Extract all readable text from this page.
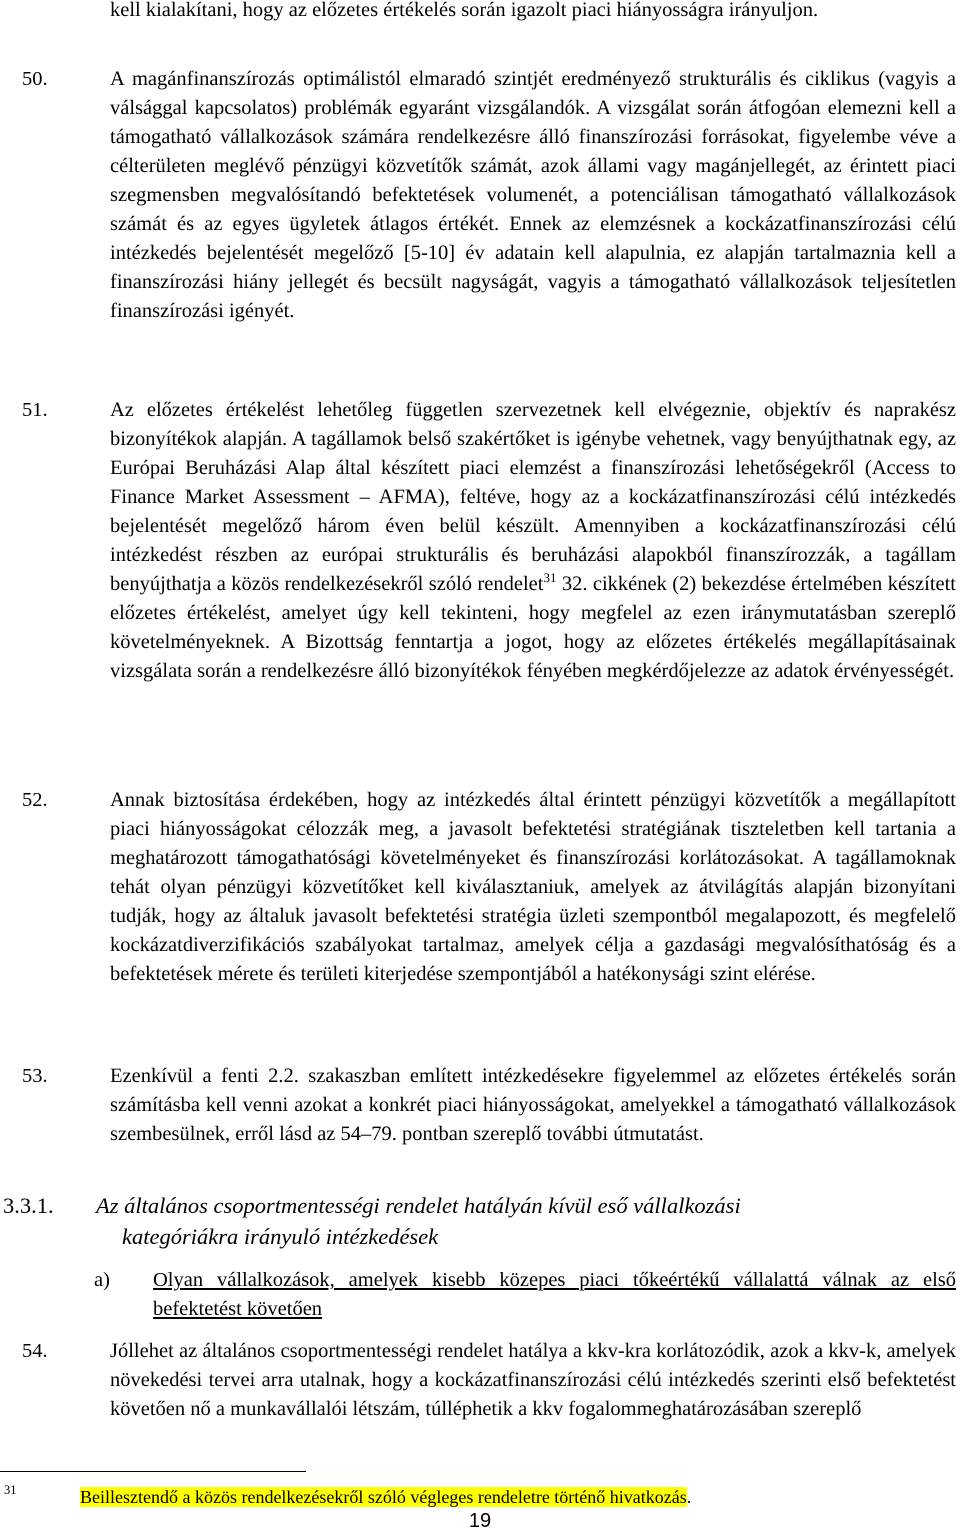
kell kialakítani, hogy az előzetes értékelés során igazolt piaci hiányosságra irányuljon.
50.	A magánfinanszírozás optimálistól elmaradó szintjét eredményező strukturális és ciklikus (vagyis a válsággal kapcsolatos) problémák egyaránt vizsgálandók. A vizsgálat során átfogóan elemezni kell a támogatható vállalkozások számára rendelkezésre álló finanszírozási forrásokat, figyelembe véve a célterületen meglévő pénzügyi közvetítők számát, azok állami vagy magánjellegét, az érintett piaci szegmensben megvalósítandó befektetések volumenét, a potenciálisan támogatható vállalkozások számát és az egyes ügyletek átlagos értékét. Ennek az elemzésnek a kockázatfinanszírozási célú intézkedés bejelentését megelőző [5-10] év adatain kell alapulnia, ez alapján tartalmaznia kell a finanszírozási hiány jellegét és becsült nagyságát, vagyis a támogatható vállalkozások teljesítetlen finanszírozási igényét.
51.	Az előzetes értékelést lehetőleg független szervezetnek kell elvégeznie, objektív és naprakész bizonyítékok alapján. A tagállamok belső szakértőket is igénybe vehetnek, vagy benyújthatnak egy, az Európai Beruházási Alap által készített piaci elemzést a finanszírozási lehetőségekről (Access to Finance Market Assessment – AFMA), feltéve, hogy az a kockázatfinanszírozási célú intézkedés bejelentését megelőző három éven belül készült. Amennyiben a kockázatfinanszírozási célú intézkedést részben az európai strukturális és beruházási alapokból finanszírozzák, a tagállam benyújthatja a közös rendelkezésekről szóló rendelet$^{31}$ 32. cikkének (2) bekezdése értelmében készített előzetes értékelést, amelyet úgy kell tekinteni, hogy megfelel az ezen iránymutatásban szereplő követelményeknek. A Bizottság fenntartja a jogot, hogy az előzetes értékelés megállapításainak vizsgálata során a rendelkezésre álló bizonyítékok fényében megkérdőjelezze az adatok érvényességét.
52.	Annak biztosítása érdekében, hogy az intézkedés által érintett pénzügyi közvetítők a megállapított piaci hiányosságokat célozzák meg, a javasolt befektetési stratégiának tiszteletben kell tartania a meghatározott támogathatósági követelményeket és finanszírozási korlátozásokat. A tagállamoknak tehát olyan pénzügyi közvetítőket kell kiválasztaniuk, amelyek az átvilágítás alapján bizonyítani tudják, hogy az általuk javasolt befektetési stratégia üzleti szempontból megalapozott, és megfelelő kockázatdiverzifikációs szabályokat tartalmaz, amelyek célja a gazdasági megvalósíthatóság és a befektetések mérete és területi kiterjedése szempontjából a hatékonysági szint elérése.
53.	Ezenkívül a fenti 2.2. szakaszban említett intézkedésekre figyelemmel az előzetes értékelés során számításba kell venni azokat a konkrét piaci hiányosságokat, amelyekkel a támogatható vállalkozások szembesülnek, erről lásd az 54–79. pontban szereplő további útmutatást.
3.3.1. Az általános csoportmentességi rendelet hatályán kívül eső vállalkozási
kategóriákra irányuló intézkedések
a) Olyan vállalkozások, amelyek kisebb közepes piaci tőkeértékű vállalattá válnak az első befektetést követően
54.	Jóllehet az általános csoportmentességi rendelet hatálya a kkv-kra korlátozódik, azok a kkv-k, amelyek növekedési tervei arra utalnak, hogy a kockázatfinanszírozási célú intézkedés szerinti első befektetést követően nő a munkavállalói létszám, túlléphetik a kkv fogalommeghatározásában szereplő
31	Beillesztendő a közös rendelkezésekről szóló végleges rendeletre történő hivatkozás.
19
